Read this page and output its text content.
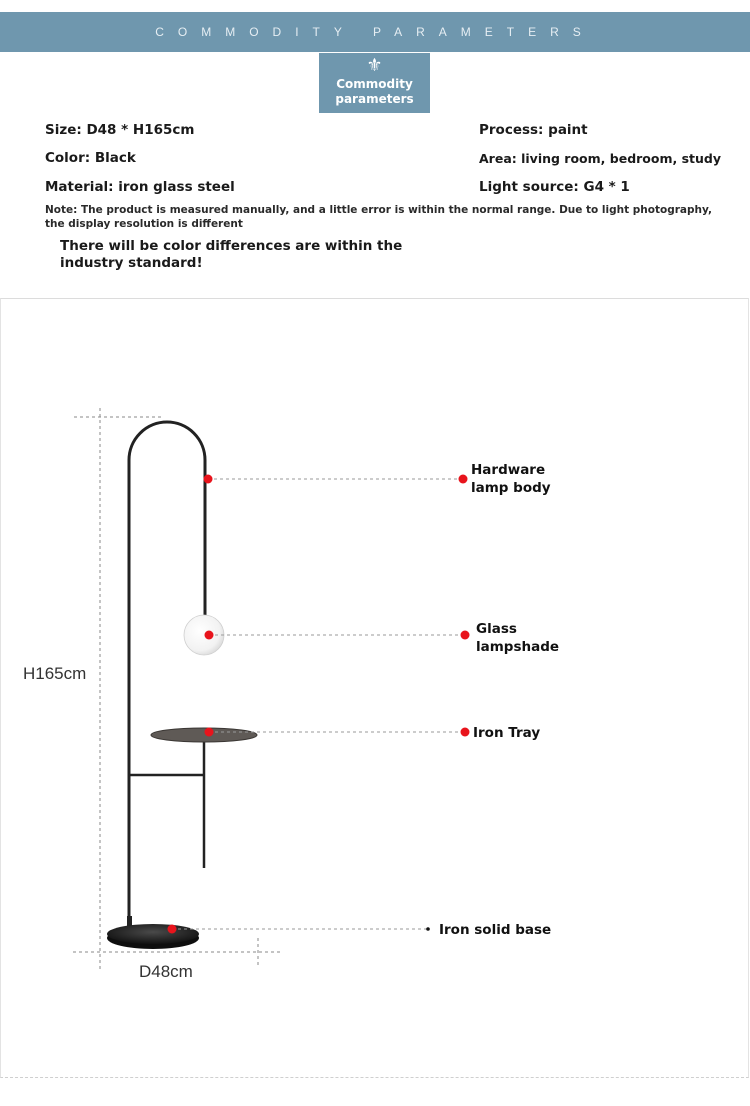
COMMODITY PARAMETERS
⚜
Commodity
parameters
Size: D48 * H165cm
Color: Black
Material: iron glass steel
Process: paint
Area: living room, bedroom, study
Light source: G4 * 1
Note: The product is measured manually, and a little error is within the normal range. Due to light photography, the display resolution is different
There will be color differences are within the industry standard!
H165cm
D48cm
Hardware
lamp body
Glass
lampshade
Iron Tray
Iron solid base
